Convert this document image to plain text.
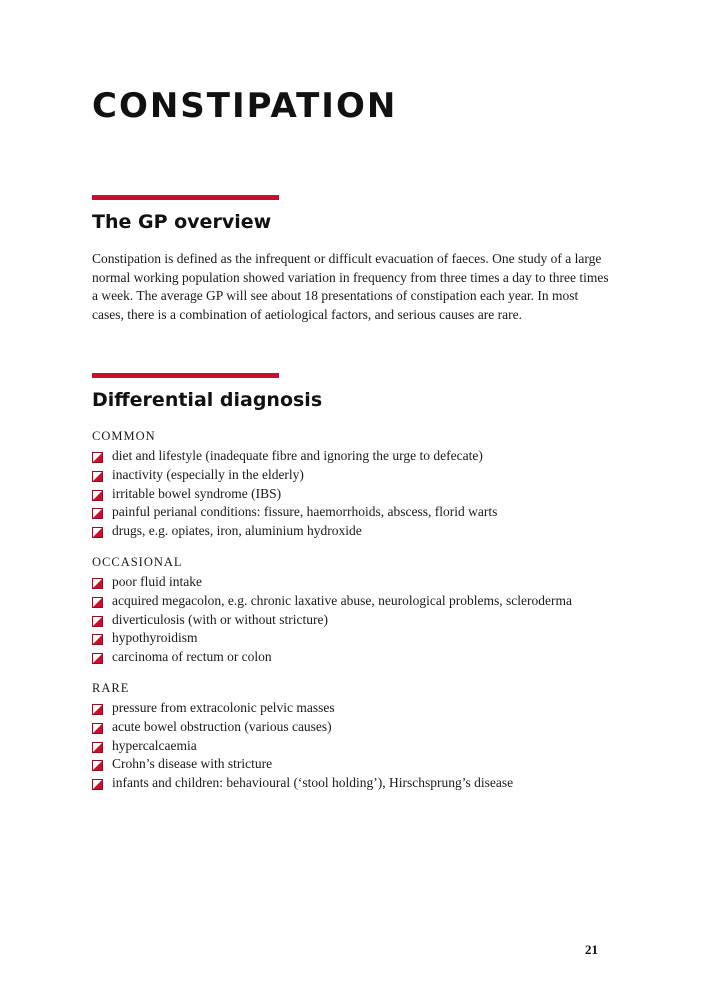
CONSTIPATION
The GP overview

Constipation is defined as the infrequent or difficult evacuation of faeces. One study of a large normal working population showed variation in frequency from three times a day to three times a week. The average GP will see about 18 presentations of constipation each year. In most cases, there is a combination of aetiological factors, and serious causes are rare.

Differential diagnosis
COMMON
diet and lifestyle (inadequate fibre and ignoring the urge to defecate)
inactivity (especially in the elderly)
irritable bowel syndrome (IBS)
painful perianal conditions: fissure, haemorrhoids, abscess, florid warts
drugs, e.g. opiates, iron, aluminium hydroxide
OCCASIONAL
poor fluid intake
acquired megacolon, e.g. chronic laxative abuse, neurological problems, scleroderma
diverticulosis (with or without stricture)
hypothyroidism
carcinoma of rectum or colon
RARE
pressure from extracolonic pelvic masses
acute bowel obstruction (various causes)
hypercalcaemia
Crohn’s disease with stricture
infants and children: behavioural (‘stool holding’), Hirschsprung’s disease
21
